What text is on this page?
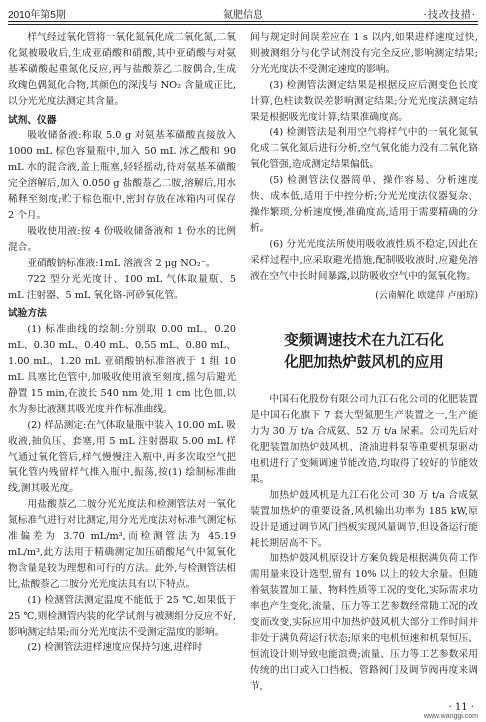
2010年第5期	氮肥信息	·技改技措·

样气经过氧化管将一氧化氮氧化成二氧化氮,二氧化氮被吸收后,生成亚硝酸和硝酸,其中亚硝酸与对氨基苯磺酸起重氮化反应,再与盐酸萘乙二胺偶合,生成玫瑰色偶氮化合物,其颜色的深浅与 NO₂ 含量成正比,以分光光度法测定其含量。

试剂、仪器

吸收储备液:称取 5.0 g 对氨基苯磺酸直接放入 1000 mL 棕色容量瓶中,加入 50 mL 冰乙酸和 90 mL 水的混合液,盖上瓶塞,轻轻摇动,待对氨基苯磺酸完全溶解后,加入 0.050 g 盐酸萘乙二胺,溶解后,用水稀释至刻度;贮于棕色瓶中,密封存放在冰箱内可保存 2 个月。

吸收使用液:按 4 份吸收储备液和 1 份水的比例混合。

亚硝酸钠标准液:1mL 溶液含 2 μg NO₂⁻。

722 型分光光度计、100 mL 气体取量瓶、5 mL 注射器、5 mL 氧化铬-河砂氧化管。

试验方法

(1) 标准曲线的绘制:分别取 0.00 mL、0.20 mL、0.30 mL、0.40 mL、0.55 mL、0.80 mL、1.00 mL、1.20 mL 亚硝酸钠标准溶液于 1 组 10 mL 具塞比色管中,加吸收使用液至刻度,摇匀后避光静置 15 min,在波长 540 nm 处,用 1 cm 比色皿,以水为参比液测其吸光度并作标准曲线。

(2) 样品测定:在气体取量瓶中装入 10.00 mL 吸收液,抽负压、套塞,用 5 mL 注射器取 5.00 mL 样气通过氧化管后,样气慢慢注入瓶中,再多次取空气把氧化管内残留样气推入瓶中,振荡,按(1) 绘制标准曲线,测其吸光度。

用盐酸萘乙二胺分光光度法和检测管法对一氧化氮标准气进行对比测定,用分光光度法对标准气测定标准偏差为 3.70 mL/m³,而检测管法为 45.19 mL/m³,此方法用于精确测定加压硝酸尾气中氮氧化物含量是较为理想和可行的方法。此外,与检测管法相比,盐酸萘乙二胺分光光度法具有以下特点。

(1) 检测管法测定温度不能低于 25 ℃,如果低于 25 ℃,则检测管内装的化学试剂与被测组分反应不好,影响测定结果;而分光光度法不受测定温度的影响。

(2) 检测管法进样速度应保持匀速,进样时

间与规定时间误差应在 1 s 以内,如果进样速度过快,则被测组分与化学试剂没有完全反应,影响测定结果;分光光度法不受测定速度的影响。

(3) 检测管法测定结果是根据反应后测变色长度计算,色柱读数误差影响测定结果;分光光度法测定结果是根据吸光度计算,结果准确度高。

(4) 检测管法是利用空气将样气中的一氧化氮氧化成二氧化氮后进行分析,空气氧化能力没有二氧化铬氧化管强,造成测定结果偏低。

(5) 检测管法仪器简单、操作容易、分析速度快、成本低,适用于中控分析;分光光度法仪器复杂、操作繁琐,分析速度慢,准确度高,适用于需要精确的分析。

(6) 分光光度法所使用吸收液性质不稳定,因此在采样过程中,应采取避光措施,配制吸收液时,应避免溶液在空气中长时间暴露,以防吸收空气中的氮氧化物。

(云南解化 欧建萍 卢丽琼)

变频调速技术在九江石化
化肥加热炉鼓风机的应用

中国石化股份有限公司九江石化公司的化肥装置是中国石化旗下 7 套大型氮肥生产装置之一,生产能力为 30 万 t/a 合成氨、52 万 t/a 尿素。公司先后对化肥装置加热炉鼓风机、渣油进料泵等重要机泵驱动电机进行了变频调速节能改造,均取得了较好的节能效果。

加热炉鼓风机是九江石化公司 30 万 t/a 合成氨装置加热炉的重要设备,风机输出功率为 185 kW,原设计是通过调节风门挡板实现风量调节,但设备运行能耗长期居高不下。

加热炉鼓风机原设计方案负载是根据满负荷工作需用量来设计选型,留有 10% 以上的较大余量。但随着氨装置加工量、物料性质等工况的变化,实际需求功率也产生变化,流量、压力等工艺参数经常随工况的改变而改变,实际应用中加热炉鼓风机大部分工作时间并非处于满负荷运行状态;原来的电机恒速和机泵恒压、恒流设计则导致电能浪费;流量、压力等工艺参数采用传统的出口或入口挡板、管路阀门及调节阀再度来调节,

· 11 ·
www.wanggi.com
